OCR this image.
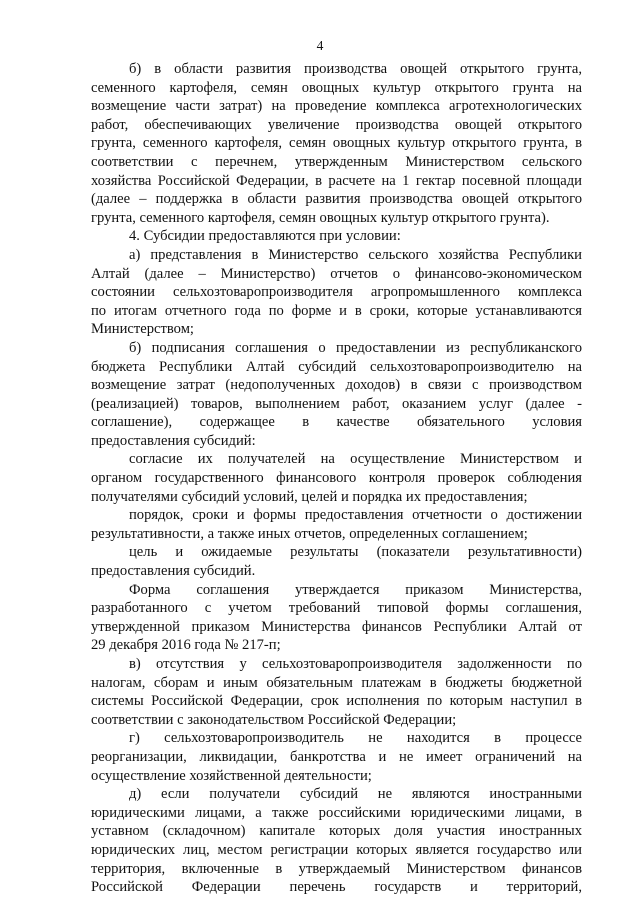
4
б) в области развития производства овощей открытого грунта,
семенного картофеля, семян овощных культур открытого грунта на
возмещение части затрат) на проведение комплекса агротехнологических
работ, обеспечивающих увеличение производства овощей открытого
грунта, семенного картофеля, семян овощных культур открытого грунта, в
соответствии с перечнем, утвержденным Министерством сельского
хозяйства Российской Федерации, в расчете на 1 гектар посевной площади
(далее – поддержка в области развития производства овощей открытого
грунта, семенного картофеля, семян овощных культур открытого грунта).
4. Субсидии предоставляются при условии:
а) представления в Министерство сельского хозяйства Республики
Алтай (далее – Министерство) отчетов о финансово-экономическом
состоянии сельхозтоваропроизводителя агропромышленного комплекса
по итогам отчетного года по форме и в сроки, которые устанавливаются
Министерством;
б) подписания соглашения о предоставлении из республиканского
бюджета Республики Алтай субсидий сельхозтоваропроизводителю на
возмещение затрат (недополученных доходов) в связи с производством
(реализацией) товаров, выполнением работ, оказанием услуг (далее -
соглашение), содержащее в качестве обязательного условия
предоставления субсидий:
согласие их получателей на осуществление Министерством и
органом государственного финансового контроля проверок соблюдения
получателями субсидий условий, целей и порядка их предоставления;
порядок, сроки и формы предоставления отчетности о достижении
результативности, а также иных отчетов, определенных соглашением;
цель и ожидаемые результаты (показатели результативности)
предоставления субсидий.
Форма соглашения утверждается приказом Министерства,
разработанного с учетом требований типовой формы соглашения,
утвержденной приказом Министерства финансов Республики Алтай от
29 декабря 2016 года № 217-п;
в) отсутствия у сельхозтоваропроизводителя задолженности по
налогам, сборам и иным обязательным платежам в бюджеты бюджетной
системы Российской Федерации, срок исполнения по которым наступил в
соответствии с законодательством Российской Федерации;
г) сельхозтоваропроизводитель не находится в процессе
реорганизации, ликвидации, банкротства и не имеет ограничений на
осуществление хозяйственной деятельности;
д) если получатели субсидий не являются иностранными
юридическими лицами, а также российскими юридическими лицами, в
уставном (складочном) капитале которых доля участия иностранных
юридических лиц, местом регистрации которых является государство или
территория, включенные в утверждаемый Министерством финансов
Российской Федерации перечень государств и территорий,
